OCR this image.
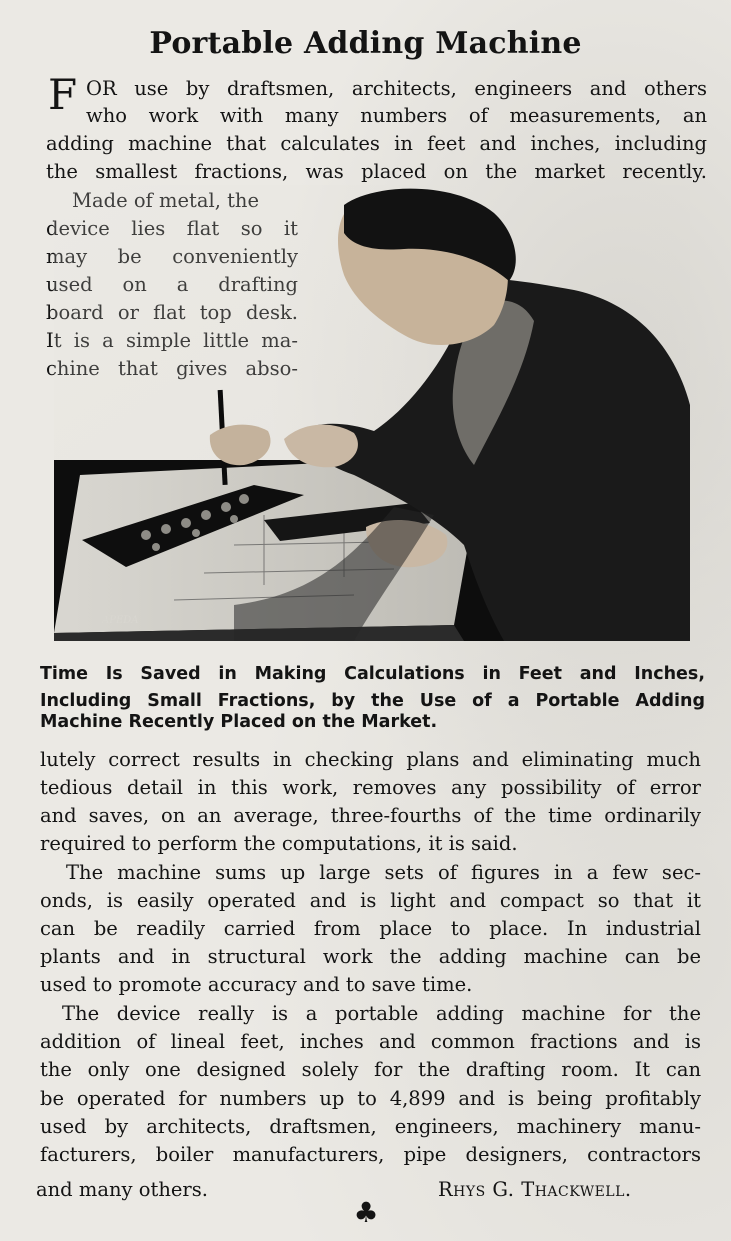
Portable Adding Machine
F OR use by draftsmen, architects, engineers and others
who work with many numbers of measurements, an
adding machine that calculates in feet and inches, including
the smallest fractions, was placed on the market recently.
Made of metal, the
device lies flat so it
may be conveniently
used on a drafting
board or flat top desk.
It is a simple little ma-
chine that gives abso-
APEDA
Time Is Saved in Making Calculations in Feet and Inches,
Including Small Fractions, by the Use of a Portable Adding
Machine Recently Placed on the Market.
lutely correct results in checking plans and eliminating much
tedious detail in this work, removes any possibility of error
and saves, on an average, three-fourths of the time ordinarily
required to perform the computations, it is said.
The machine sums up large sets of figures in a few sec-
onds, is easily operated and is light and compact so that it
can be readily carried from place to place. In industrial
plants and in structural work the adding machine can be
used to promote accuracy and to save time.
The device really is a portable adding machine for the
addition of lineal feet, inches and common fractions and is
the only one designed solely for the drafting room. It can
be operated for numbers up to 4,899 and is being profitably
used by architects, draftsmen, engineers, machinery manu-
facturers, boiler manufacturers, pipe designers, contractors
and many others.	Rhys G. Thackwell.
♣
